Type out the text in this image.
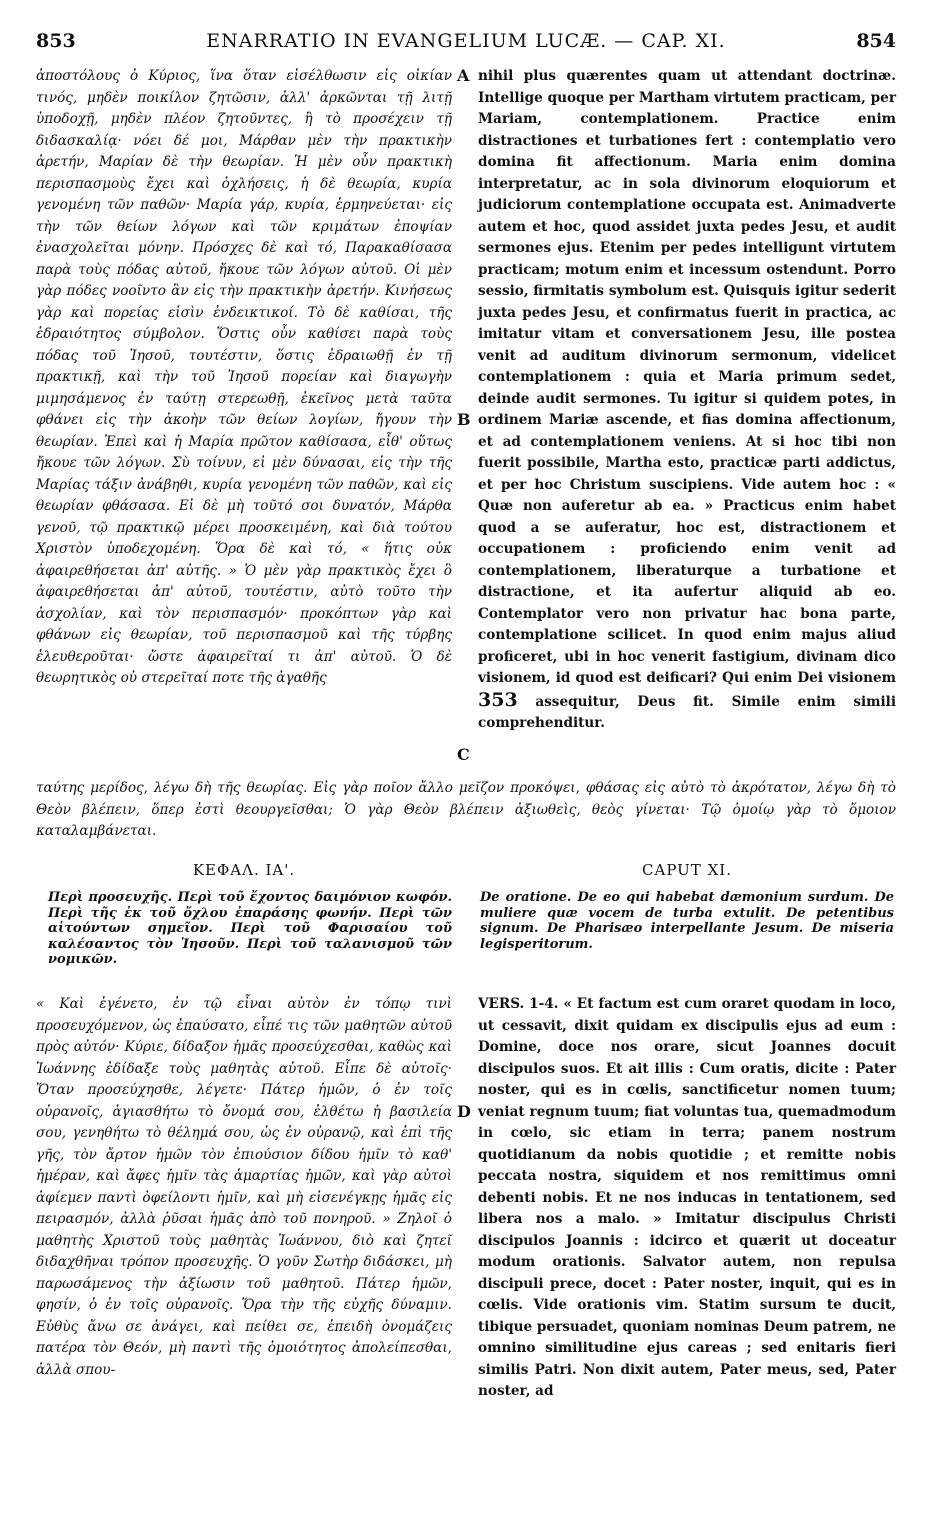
853	ENARRATIO IN EVANGELIUM LUCÆ. — CAP. XI.	854

ἀποστόλους ὁ Κύριος, ἵνα ὅταν εἰσέλθωσιν εἰς οἰκίαν τινός, μηδὲν ποικίλον ζητῶσιν, ἀλλ' ἀρκῶνται τῇ λιτῇ ὑποδοχῇ, μηδὲν πλέον ζητοῦντες, ἢ τὸ προσέχειν τῇ διδασκαλίᾳ· νόει δέ μοι, Μάρθαν μὲν τὴν πρακτικὴν ἀρετήν, Μαρίαν δὲ τὴν θεωρίαν. Ἡ μὲν οὖν πρακτικὴ περισπασμοὺς ἔχει καὶ ὀχλήσεις, ἡ δὲ θεωρία, κυρία γενομένη τῶν παθῶν· Μαρία γάρ, κυρία, ἑρμηνεύεται· εἰς τὴν τῶν θείων λόγων καὶ τῶν κριμάτων ἐποψίαν ἐνασχολεῖται μόνην. Πρόσχες δὲ καὶ τό, Παρακαθίσασα παρὰ τοὺς πόδας αὐτοῦ, ἤκουε τῶν λόγων αὐτοῦ. Οἱ μὲν γὰρ πόδες νοοῖντο ἂν εἰς τὴν πρακτικὴν ἀρετήν. Κινήσεως γὰρ καὶ πορείας εἰσὶν ἐνδεικτικοί. Τὸ δὲ καθίσαι, τῆς ἑδραιότητος σύμβολον. Ὅστις οὖν καθίσει παρὰ τοὺς πόδας τοῦ Ἰησοῦ, τουτέστιν, ὅστις ἑδραιωθῇ ἐν τῇ πρακτικῇ, καὶ τὴν τοῦ Ἰησοῦ πορείαν καὶ διαγωγὴν μιμησάμενος ἐν ταύτῃ στερεωθῇ, ἐκεῖνος μετὰ ταῦτα φθάνει εἰς τὴν ἀκοὴν τῶν θείων λογίων, ἤγουν τὴν θεωρίαν. Ἐπεὶ καὶ ἡ Μαρία πρῶτον καθίσασα, εἶθ' οὕτως ἤκουε τῶν λόγων. Σὺ τοίνυν, εἰ μὲν δύνασαι, εἰς τὴν τῆς Μαρίας τάξιν ἀνάβηθι, κυρία γενομένη τῶν παθῶν, καὶ εἰς θεωρίαν φθάσασα. Εἰ δὲ μὴ τοῦτό σοι δυνατόν, Μάρθα γενοῦ, τῷ πρακτικῷ μέρει προσκειμένη, καὶ διὰ τούτου Χριστὸν ὑποδεχομένη. Ὅρα δὲ καὶ τό, « ἥτις οὐκ ἀφαιρεθήσεται ἀπ' αὐτῆς. » Ὁ μὲν γὰρ πρακτικὸς ἔχει ὃ ἀφαιρεθήσεται ἀπ' αὐτοῦ, τουτέστιν, αὐτὸ τοῦτο τὴν ἀσχολίαν, καὶ τὸν περισπασμόν· προκόπτων γὰρ καὶ φθάνων εἰς θεωρίαν, τοῦ περισπασμοῦ καὶ τῆς τύρβης ἐλευθεροῦται· ὥστε ἀφαιρεῖταί τι ἀπ' αὐτοῦ. Ὁ δὲ θεωρητικὸς οὐ στερεῖταί ποτε τῆς ἀγαθῆς

A
B
C
D

nihil plus quærentes quam ut attendant doctrinæ. Intellige quoque per Martham virtutem practicam, per Mariam, contemplationem. Practice enim distractiones et turbationes fert : contemplatio vero domina fit affectionum. Maria enim domina interpretatur, ac in sola divinorum eloquiorum et judiciorum contemplatione occupata est. Animadverte autem et hoc, quod assidet juxta pedes Jesu, et audit sermones ejus. Etenim per pedes intelligunt virtutem practicam; motum enim et incessum ostendunt. Porro sessio, firmitatis symbolum est. Quisquis igitur sederit juxta pedes Jesu, et confirmatus fuerit in practica, ac imitatur vitam et conversationem Jesu, ille postea venit ad auditum divinorum sermonum, videlicet contemplationem : quia et Maria primum sedet, deinde audit sermones. Tu igitur si quidem potes, in ordinem Mariæ ascende, et fias domina affectionum, et ad contemplationem veniens. At si hoc tibi non fuerit possibile, Martha esto, practicæ parti addictus, et per hoc Christum suscipiens. Vide autem hoc : « Quæ non auferetur ab ea. » Practicus enim habet quod a se auferatur, hoc est, distractionem et occupationem : proficiendo enim venit ad contemplationem, liberaturque a turbatione et distractione, et ita aufertur aliquid ab eo. Contemplator vero non privatur hac bona parte, contemplatione scilicet. In quod enim majus aliud proficeret, ubi in hoc venerit fastigium, divinam dico visionem, id quod est deificari? Qui enim Dei visionem 353 assequitur, Deus fit. Simile enim simili comprehenditur.

ταύτης μερίδος, λέγω δὴ τῆς θεωρίας. Εἰς γὰρ ποῖον ἄλλο μεῖζον προκόψει, φθάσας εἰς αὐτὸ τὸ ἀκρότατον, λέγω δὴ τὸ Θεὸν βλέπειν, ὅπερ ἐστὶ θεουργεῖσθαι; Ὁ γὰρ Θεὸν βλέπειν ἀξιωθεὶς, θεὸς γίνεται· Τῷ ὁμοίῳ γὰρ τὸ ὅμοιον καταλαμβάνεται.
ΚΕΦΑΛ. ΙΑ'.	CAPUT XI.
Περὶ προσευχῆς. Περὶ τοῦ ἔχοντος δαιμόνιον κωφόν. Περὶ τῆς ἐκ τοῦ ὄχλου ἐπαράσης φωνήν. Περὶ τῶν αἰτούντων σημεῖον. Περὶ τοῦ Φαρισαίου τοῦ καλέσαντος τὸν Ἰησοῦν. Περὶ τοῦ ταλανισμοῦ τῶν νομικῶν.
De oratione. De eo qui habebat dæmonium surdum. De muliere quæ vocem de turba extulit. De petentibus signum. De Pharisæo interpellante Jesum. De miseria legisperitorum.
« Καὶ ἐγένετο, ἐν τῷ εἶναι αὐτὸν ἐν τόπῳ τινὶ προσευχόμενον, ὡς ἐπαύσατο, εἶπέ τις τῶν μαθητῶν αὐτοῦ πρὸς αὐτόν· Κύριε, δίδαξον ἡμᾶς προσεύχεσθαι, καθὼς καὶ Ἰωάννης ἐδίδαξε τοὺς μαθητὰς αὐτοῦ. Εἶπε δὲ αὐτοῖς· Ὅταν προσεύχησθε, λέγετε· Πάτερ ἡμῶν, ὁ ἐν τοῖς οὐρανοῖς, ἁγιασθήτω τὸ ὄνομά σου, ἐλθέτω ἡ βασιλεία σου, γενηθήτω τὸ θέλημά σου, ὡς ἐν οὐρανῷ, καὶ ἐπὶ τῆς γῆς, τὸν ἄρτον ἡμῶν τὸν ἐπιούσιον δίδου ἡμῖν τὸ καθ' ἡμέραν, καὶ ἄφες ἡμῖν τὰς ἁμαρτίας ἡμῶν, καὶ γὰρ αὐτοὶ ἀφίεμεν παντὶ ὀφείλοντι ἡμῖν, καὶ μὴ εἰσενέγκῃς ἡμᾶς εἰς πειρασμόν, ἀλλὰ ῥῦσαι ἡμᾶς ἀπὸ τοῦ πονηροῦ. » Ζηλοῖ ὁ μαθητὴς Χριστοῦ τοὺς μαθητὰς Ἰωάννου, διὸ καὶ ζητεῖ διδαχθῆναι τρόπον προσευχῆς. Ὁ γοῦν Σωτὴρ διδάσκει, μὴ παρωσάμενος τὴν ἀξίωσιν τοῦ μαθητοῦ. Πάτερ ἡμῶν, φησίν, ὁ ἐν τοῖς οὐρανοῖς. Ὅρα τὴν τῆς εὐχῆς δύναμιν. Εὐθὺς ἄνω σε ἀνάγει, καὶ πείθει σε, ἐπειδὴ ὀνομάζεις πατέρα τὸν Θεόν, μὴ παντὶ τῆς ὁμοιότητος ἀπολείπεσθαι, ἀλλὰ σπου-
VERS. 1-4. « Et factum est cum oraret quodam in loco, ut cessavit, dixit quidam ex discipulis ejus ad eum : Domine, doce nos orare, sicut Joannes docuit discipulos suos. Et ait illis : Cum oratis, dicite : Pater noster, qui es in cœlis, sanctificetur nomen tuum; veniat regnum tuum; fiat voluntas tua, quemadmodum in cœlo, sic etiam in terra; panem nostrum quotidianum da nobis quotidie ; et remitte nobis peccata nostra, siquidem et nos remittimus omni debenti nobis. Et ne nos inducas in tentationem, sed libera nos a malo. » Imitatur discipulus Christi discipulos Joannis : idcirco et quærit ut doceatur modum orationis. Salvator autem, non repulsa discipuli prece, docet : Pater noster, inquit, qui es in cœlis. Vide orationis vim. Statim sursum te ducit, tibique persuadet, quoniam nominas Deum patrem, ne omnino similitudine ejus careas ; sed enitaris fieri similis Patri. Non dixit autem, Pater meus, sed, Pater noster, ad
